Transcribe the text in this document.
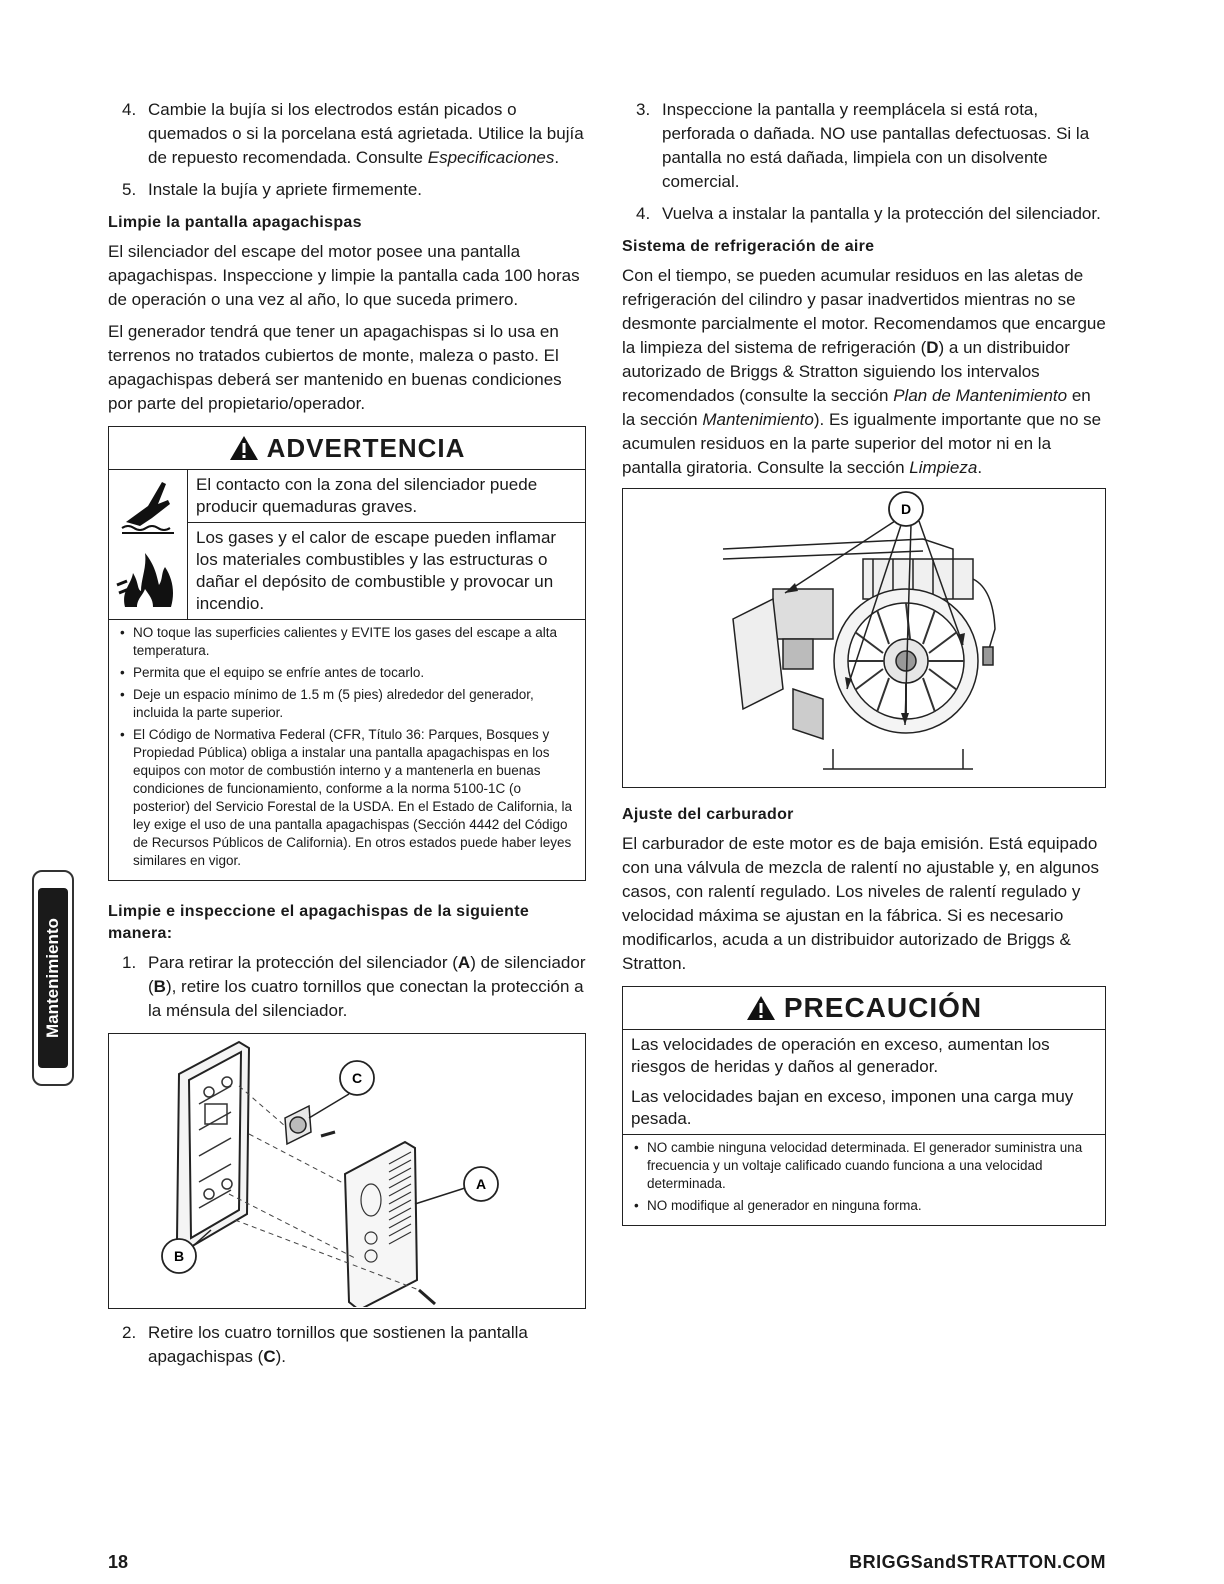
4. Cambie la bujía si los electrodos están picados o quemados o si la porcelana está agrietada. Utilice la bujía de repuesto recomendada. Consulte Especificaciones.
5. Instale la bujía y apriete firmemente.
Limpie la pantalla apagachispas

El silenciador del escape del motor posee una pantalla apagachispas. Inspeccione y limpie la pantalla cada 100 horas de operación o una vez al año, lo que suceda primero.

El generador tendrá que tener un apagachispas si lo usa en terrenos no tratados cubiertos de monte, maleza o pasto. El apagachispas deberá ser mantenido en buenas condiciones por parte del propietario/operador.

ADVERTENCIA
El contacto con la zona del silenciador puede producir quemaduras graves.
Los gases y el calor de escape pueden inflamar los materiales combustibles y las estructuras o dañar el depósito de combustible y provocar un incendio.
• NO toque las superficies calientes y EVITE los gases del escape a alta temperatura.
• Permita que el equipo se enfríe antes de tocarlo.
• Deje un espacio mínimo de 1.5 m (5 pies) alrededor del generador, incluida la parte superior.
• El Código de Normativa Federal (CFR, Título 36: Parques, Bosques y Propiedad Pública) obliga a instalar una pantalla apagachispas en los equipos con motor de combustión interno y a mantenerla en buenas condiciones de funcionamiento, conforme a la norma 5100-1C (o posterior) del Servicio Forestal de la USDA. En el Estado de California, la ley exige el uso de una pantalla apagachispas (Sección 4442 del Código de Recursos Públicos de California). En otros estados puede haber leyes similares en vigor.
Limpie e inspeccione el apagachispas de la siguiente manera:
1. Para retirar la protección del silenciador (A) de silenciador (B), retire los cuatro tornillos que conectan la protección a la ménsula del silenciador.
C
A
B
2. Retire los cuatro tornillos que sostienen la pantalla apagachispas (C).
3. Inspeccione la pantalla y reemplácela si está rota, perforada o dañada. NO use pantallas defectuosas. Si la pantalla no está dañada, limpiela con un disolvente comercial.
4. Vuelva a instalar la pantalla y la protección del silenciador.
Sistema de refrigeración de aire

Con el tiempo, se pueden acumular residuos en las aletas de refrigeración del cilindro y pasar inadvertidos mientras no se desmonte parcialmente el motor. Recomendamos que encargue la limpieza del sistema de refrigeración (D) a un distribuidor autorizado de Briggs & Stratton siguiendo los intervalos recomendados (consulte la sección Plan de Mantenimiento en la sección Mantenimiento). Es igualmente importante que no se acumulen residuos en la parte superior del motor ni en la pantalla giratoria. Consulte la sección Limpieza.

D
Ajuste del carburador

El carburador de este motor es de baja emisión. Está equipado con una válvula de mezcla de ralentí no ajustable y, en algunos casos, con ralentí regulado. Los niveles de ralentí regulado y velocidad máxima se ajustan en la fábrica. Si es necesario modificarlos, acuda a un distribuidor autorizado de Briggs & Stratton.

PRECAUCIÓN
Las velocidades de operación en exceso, aumentan los riesgos de heridas y daños al generador.
Las velocidades bajan en exceso, imponen una carga muy pesada.
• NO cambie ninguna velocidad determinada. El generador suministra una frecuencia y un voltaje calificado cuando funciona a una velocidad determinada.
• NO modifique al generador en ninguna forma.
Mantenimiento
18	BRIGGSandSTRATTON.COM
